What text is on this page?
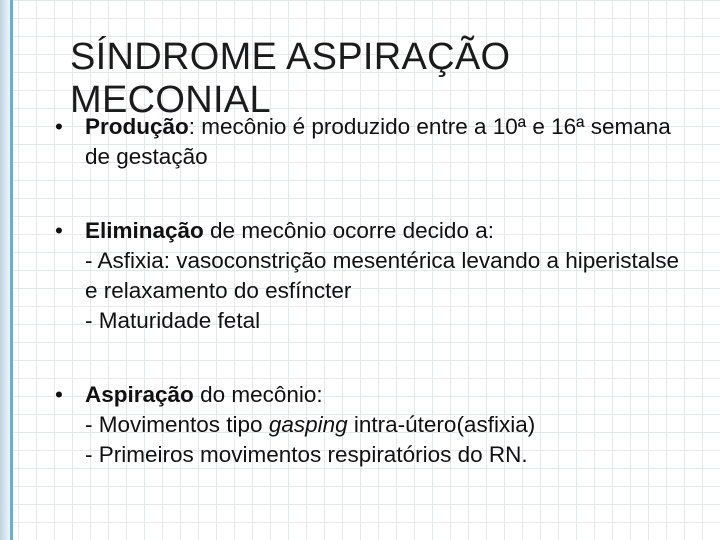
SÍNDROME ASPIRAÇÃO MECONIAL
• Produção: mecônio é produzido entre a 10ª e 16ª semana de gestação
• Eliminação de mecônio ocorre decido a:
- Asfixia: vasoconstrição mesentérica levando a hiperistalse e relaxamento do esfíncter
- Maturidade fetal
• Aspiração do mecônio:
- Movimentos tipo gasping intra-útero(asfixia)
- Primeiros movimentos respiratórios do RN.
